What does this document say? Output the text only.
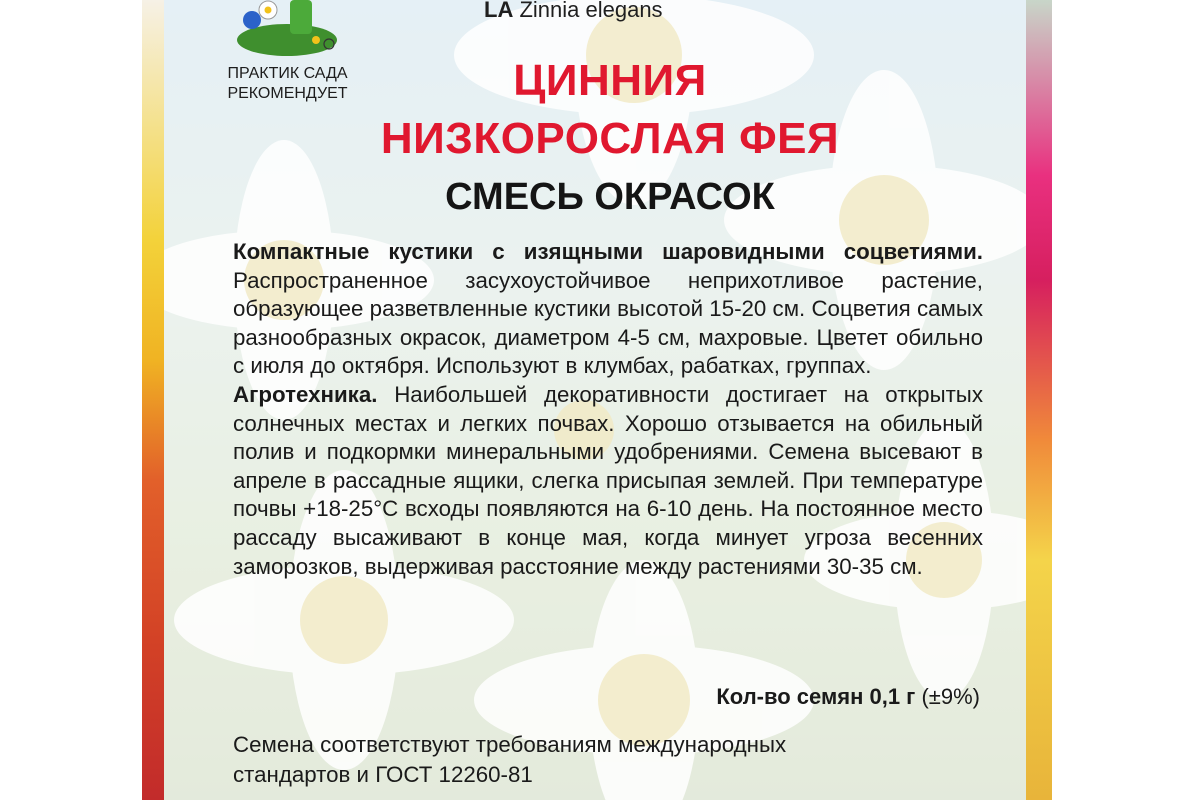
ПРАКТИК САДА
РЕКОМЕНДУЕТ
LA Zinnia elegans
ЦИННИЯ
НИЗКОРОСЛАЯ ФЕЯ
СМЕСЬ ОКРАСОК

Компактные кустики с изящными шаровидными соцветиями. Распространенное засухоустойчивое неприхотливое растение, образующее разветвленные кустики высотой 15-20 см. Соцветия самых разнообразных окрасок, диаметром 4-5 см, махровые. Цветет обильно с июля до октября. Используют в клумбах, рабатках, группах.

Агротехника. Наибольшей декоративности достигает на открытых солнечных местах и легких почвах. Хорошо отзывается на обильный полив и подкормки минеральными удобрениями. Семена высевают в апреле в рассадные ящики, слегка присыпая землей. При температуре почвы +18-25°С всходы появляются на 6-10 день. На постоянное место рассаду высаживают в конце мая, когда минует угроза весенних заморозков, выдерживая расстояние между растениями 30-35 см.

Кол-во семян 0,1 г (±9%)
Семена соответствуют требованиям международных
стандартов и ГОСТ 12260-81
